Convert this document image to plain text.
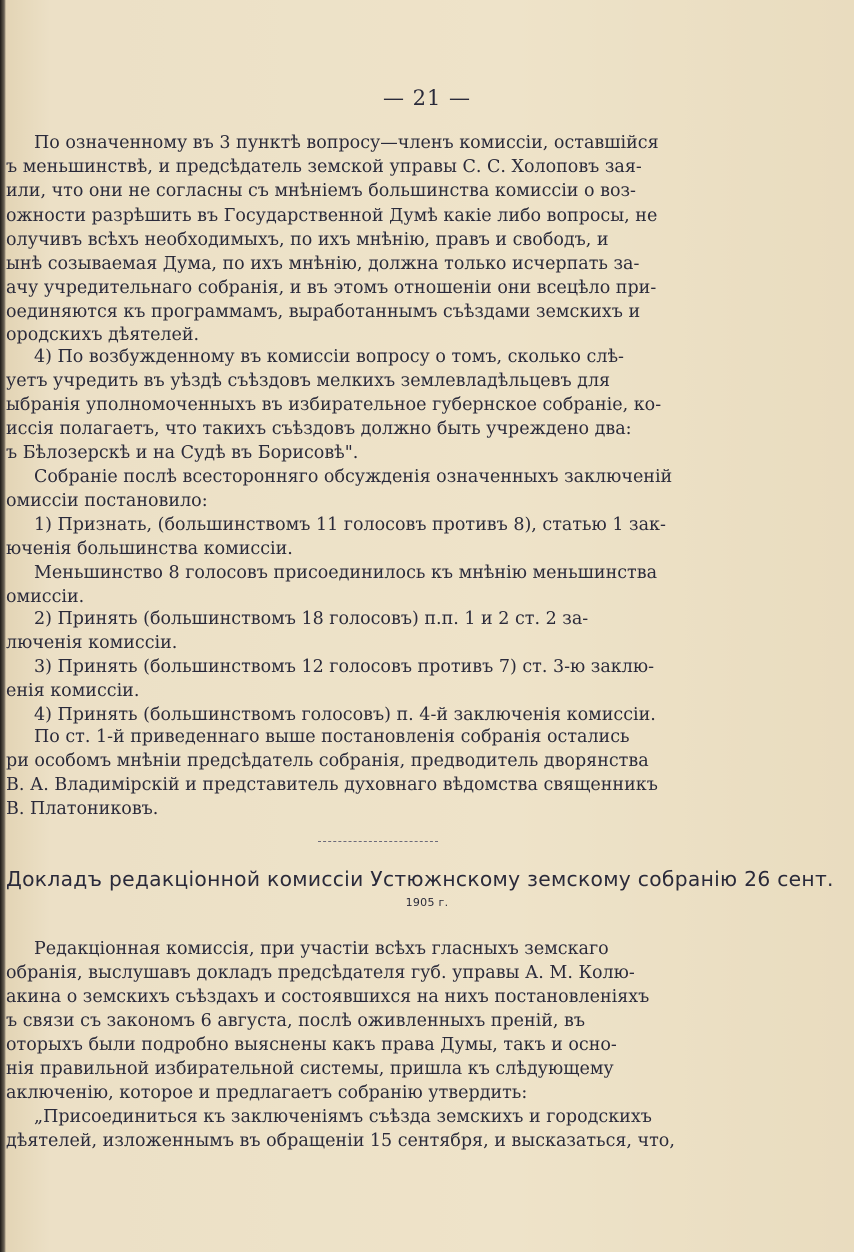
— 21 —
По означенному въ 3 пунктѣ вопросу—членъ комиссіи, оставшійся
ъ меньшинствѣ, и предсѣдатель земской управы С. С. Холоповъ зая-
или, что они не согласны съ мнѣніемъ большинства комиссіи о воз-
ожности разрѣшить въ Государственной Думѣ какіе либо вопросы, не
олучивъ всѣхъ необходимыхъ, по ихъ мнѣнію, правъ и свободъ, и
ынѣ созываемая Дума, по ихъ мнѣнію, должна только исчерпать за-
ачу учредительнаго собранія, и въ этомъ отношеніи они всецѣло при-
оединяются къ программамъ, выработаннымъ съѣздами земскихъ и
ородскихъ дѣятелей.
4) По возбужденному въ комиссіи вопросу о томъ, сколько слѣ-
уетъ учредить въ уѣздѣ съѣздовъ мелкихъ землевладѣльцевъ для
ыбранія уполномоченныхъ въ избирательное губернское собраніе, ко-
иссія полагаетъ, что такихъ съѣздовъ должно быть учреждено два:
ъ Бѣлозерскѣ и на Судѣ въ Борисовѣ".
Собраніе послѣ всесторонняго обсужденія означенныхъ заключеній
омиссіи постановило:
1) Признать, (большинствомъ 11 голосовъ противъ 8), статью 1 зак-
юченія большинства комиссіи.
Меньшинство 8 голосовъ присоединилось къ мнѣнію меньшинства
омиссіи.
2) Принять (большинствомъ 18 голосовъ) п.п. 1 и 2 ст. 2 за-
люченія комиссіи.
3) Принять (большинствомъ 12 голосовъ противъ 7) ст. 3-ю заклю-
енія комиссіи.
4) Принять (большинствомъ голосовъ) п. 4-й заключенія комиссіи.
По ст. 1-й приведеннаго выше постановленія собранія остались
ри особомъ мнѣніи предсѣдатель собранія, предводитель дворянства
В. А. Владимірскій и представитель духовнаго вѣдомства священникъ
В. Платониковъ.
Докладъ редакціонной комиссіи Устюжнскому земскому собранію 26 сент.
1905 г.
Редакціонная комиссія, при участіи всѣхъ гласныхъ земскаго
обранія, выслушавъ докладъ предсѣдателя губ. управы А. М. Колю-
акина о земскихъ съѣздахъ и состоявшихся на нихъ постановленіяхъ
ъ связи съ закономъ 6 августа, послѣ оживленныхъ преній, въ
оторыхъ были подробно выяснены какъ права Думы, такъ и осно-
нія правильной избирательной системы, пришла къ слѣдующему
аключенію, которое и предлагаетъ собранію утвердить:
„Присоединиться къ заключеніямъ съѣзда земскихъ и городскихъ
дѣятелей, изложеннымъ въ обращеніи 15 сентября, и высказаться, что,
